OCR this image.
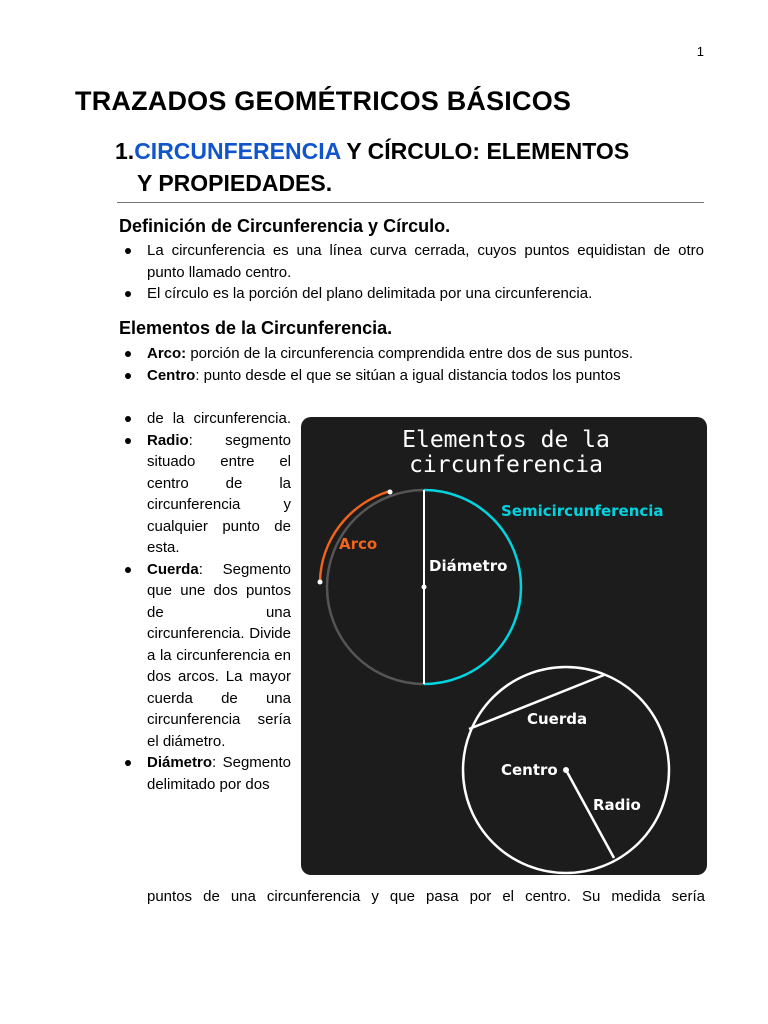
1
TRAZADOS GEOMÉTRICOS BÁSICOS
1.CIRCUNFERENCIA Y CÍRCULO: ELEMENTOS
Y PROPIEDADES.
Definición de Circunferencia y Círculo.
La circunferencia es una línea curva cerrada, cuyos puntos equidistan de otro punto llamado centro.
El círculo es la porción del plano delimitada por una circunferencia.
Elementos de la Circunferencia.
Arco: porción de la circunferencia comprendida entre dos de sus puntos.
Centro: punto desde el que se sitúan a igual distancia todos los puntos
de la circunferencia.
Radio: segmento situado entre el centro de la circunferencia y cualquier punto de esta.
Cuerda: Segmento que une dos puntos de una circunferencia. Divide a la circunferencia en dos arcos. La mayor cuerda de una circunferencia sería el diámetro.
Diámetro: Segmento delimitado por dos
puntos de una circunferencia y que pasa por el centro. Su medida sería
Elementos de la
circunferencia
Semicircunferencia
Arco
Diámetro
Cuerda
Centro
Radio
